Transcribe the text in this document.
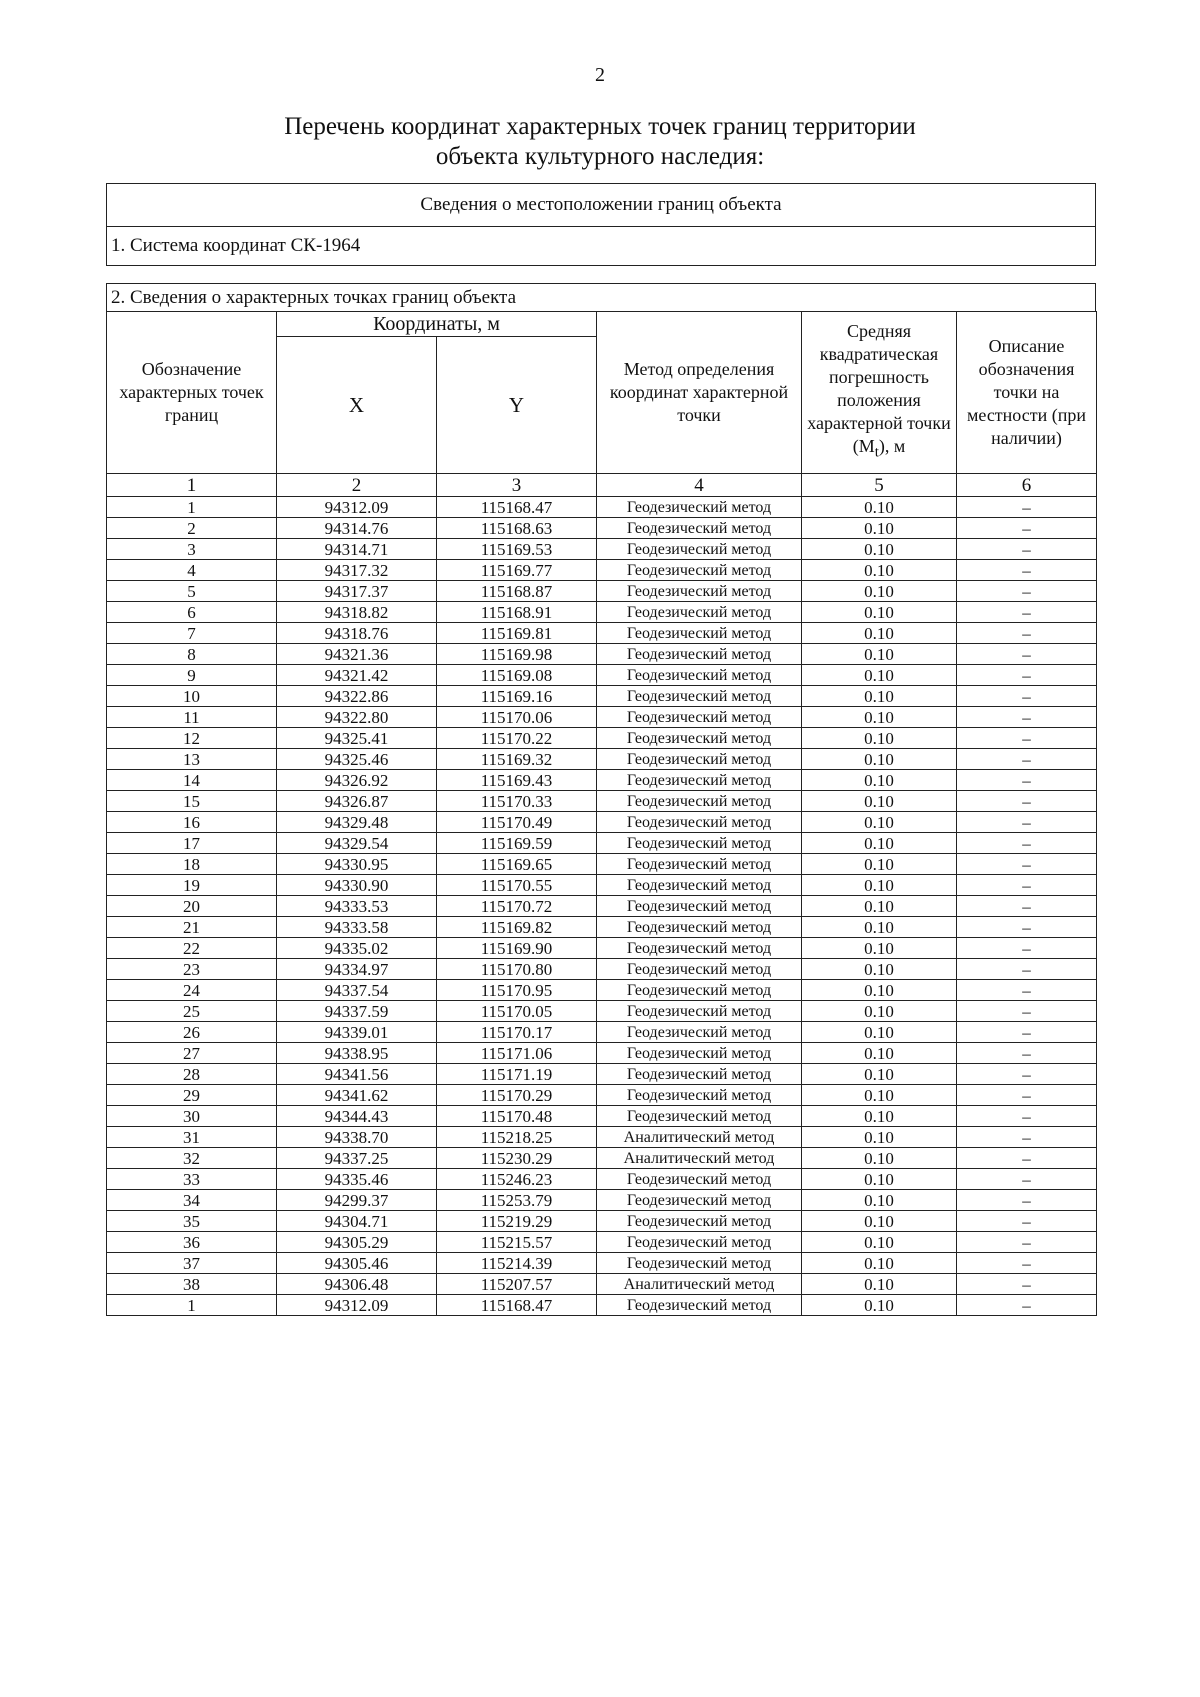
2
Перечень координат характерных точек границ территории
объекта культурного наследия:
Сведения о местоположении границ объекта
1. Система координат СК-1964
2. Сведения о характерных точках границ объекта
Обозначение характерных точек границ	Координаты, м		Метод определения координат характерной точки	Средняя квадратическая погрешность положения характерной точки $(M_t)$, м	Описание обозначения точки на местности (при наличии)
	X	Y			
1	2	3	4	5	6
1	94312.09	115168.47	Геодезический метод	0.10	–
2	94314.76	115168.63	Геодезический метод	0.10	–
3	94314.71	115169.53	Геодезический метод	0.10	–
4	94317.32	115169.77	Геодезический метод	0.10	–
5	94317.37	115168.87	Геодезический метод	0.10	–
6	94318.82	115168.91	Геодезический метод	0.10	–
7	94318.76	115169.81	Геодезический метод	0.10	–
8	94321.36	115169.98	Геодезический метод	0.10	–
9	94321.42	115169.08	Геодезический метод	0.10	–
10	94322.86	115169.16	Геодезический метод	0.10	–
11	94322.80	115170.06	Геодезический метод	0.10	–
12	94325.41	115170.22	Геодезический метод	0.10	–
13	94325.46	115169.32	Геодезический метод	0.10	–
14	94326.92	115169.43	Геодезический метод	0.10	–
15	94326.87	115170.33	Геодезический метод	0.10	–
16	94329.48	115170.49	Геодезический метод	0.10	–
17	94329.54	115169.59	Геодезический метод	0.10	–
18	94330.95	115169.65	Геодезический метод	0.10	–
19	94330.90	115170.55	Геодезический метод	0.10	–
20	94333.53	115170.72	Геодезический метод	0.10	–
21	94333.58	115169.82	Геодезический метод	0.10	–
22	94335.02	115169.90	Геодезический метод	0.10	–
23	94334.97	115170.80	Геодезический метод	0.10	–
24	94337.54	115170.95	Геодезический метод	0.10	–
25	94337.59	115170.05	Геодезический метод	0.10	–
26	94339.01	115170.17	Геодезический метод	0.10	–
27	94338.95	115171.06	Геодезический метод	0.10	–
28	94341.56	115171.19	Геодезический метод	0.10	–
29	94341.62	115170.29	Геодезический метод	0.10	–
30	94344.43	115170.48	Геодезический метод	0.10	–
31	94338.70	115218.25	Аналитический метод	0.10	–
32	94337.25	115230.29	Аналитический метод	0.10	–
33	94335.46	115246.23	Геодезический метод	0.10	–
34	94299.37	115253.79	Геодезический метод	0.10	–
35	94304.71	115219.29	Геодезический метод	0.10	–
36	94305.29	115215.57	Геодезический метод	0.10	–
37	94305.46	115214.39	Геодезический метод	0.10	–
38	94306.48	115207.57	Аналитический метод	0.10	–
1	94312.09	115168.47	Геодезический метод	0.10	–
